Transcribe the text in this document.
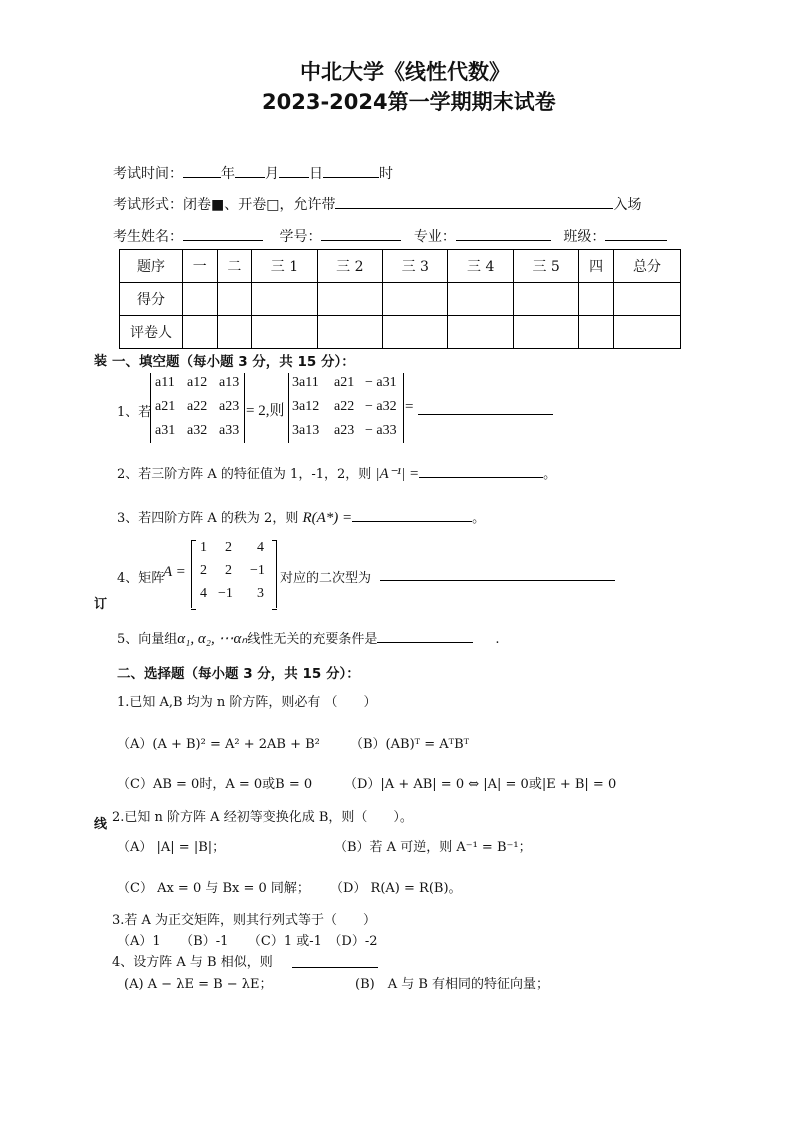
中北大学《线性代数》
2023-2024第一学期期末试卷
考试时间：	年 月 日	时
考试形式：闭卷■、开卷□，允许带	入场
考生姓名：	学号：	专业：	班级：
题序	一	二	三 1	三 2	三 3	三 4	三 5	四	总分
得分									
评卷人									
装
订
线
一、填空题（每小题 3 分，共 15 分）：
1、若
a11 a12 a13
a21 a22 a23
a31 a32 a33
= 2,则
3a11 a21 − a31
3a12 a22 − a32
3a13 a23 − a33
=
2、若三阶方阵 A 的特征值为 1，-1，2，则 |A⁻¹| =	。
3、若四阶方阵 A 的秩为 2，则 R(A*) =	。
4、矩阵
A =
1 2 4
2 2 −1
4 −1 3
对应的二次型为
5、向量组α₁, α₂, ⋯αₙ线性无关的充要条件是	.
二、选择题（每小题 3 分，共 15 分）：
1.已知 A,B 均为 n 阶方阵，则必有 （　　）
（A）(A + B)² = A² + 2AB + B² （B）(AB)ᵀ = AᵀBᵀ
（C）AB = 0时，A = 0或B = 0 （D）|A + AB| = 0 ⇔ |A| = 0或|E + B| = 0
2.已知 n 阶方阵 A 经初等变换化成 B，则（　　）。
（A） |A| = |B|；	（B）若 A 可逆，则 A⁻¹ = B⁻¹；
（C） Ax = 0 与 Bx = 0 同解； （D） R(A) = R(B)。
3.若 A 为正交矩阵，则其行列式等于（　　）
（A）1　　（B）-1　　（C）1 或-1　（D）-2
4、设方阵 A 与 B 相似，则
(A) A − λE = B − λE；	(B)　A 与 B 有相同的特征向量；
